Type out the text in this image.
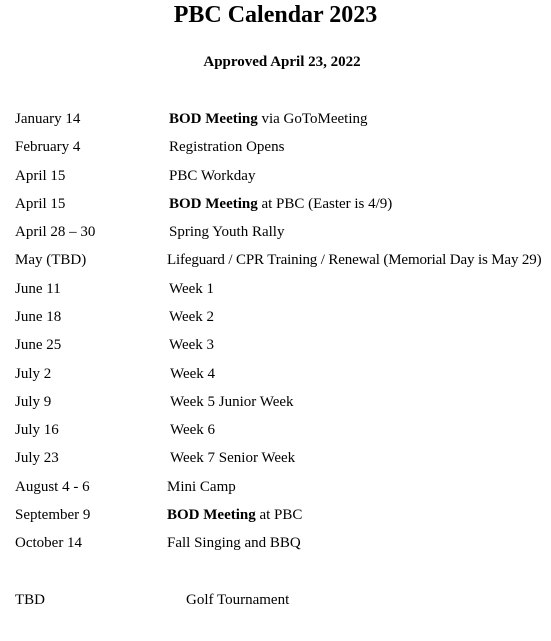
PBC Calendar 2023
Approved April 23, 2022
January 14	BOD Meeting via GoToMeeting
February 4	Registration Opens
April 15	PBC Workday
April 15	BOD Meeting at PBC (Easter is 4/9)
April 28 – 30	Spring Youth Rally
May (TBD)	Lifeguard / CPR Training / Renewal (Memorial Day is May 29)
June 11	Week 1
June 18	Week 2
June 25	Week 3
July 2	Week 4
July 9	Week 5 Junior Week
July 16	Week 6
July 23	Week 7 Senior Week
August 4 - 6	Mini Camp
September 9	BOD Meeting at PBC
October 14	Fall Singing and BBQ
TBD	Golf Tournament
